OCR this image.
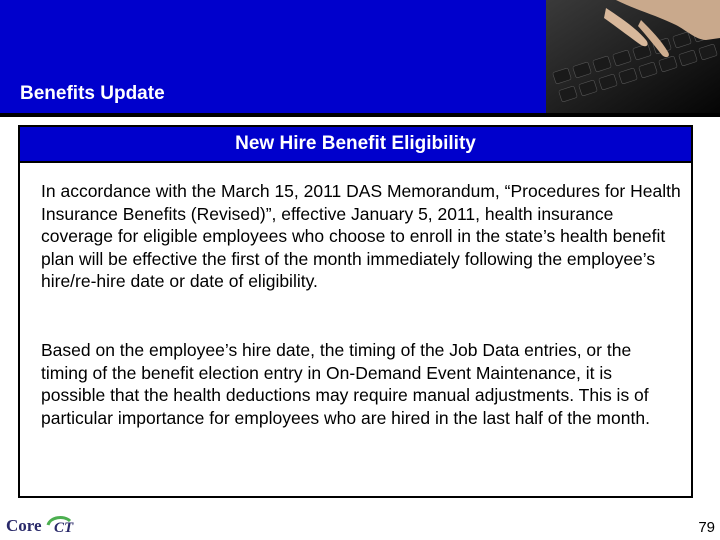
Benefits Update
New Hire Benefit Eligibility
In accordance with the March 15, 2011 DAS Memorandum, “Procedures for Health Insurance Benefits (Revised)”, effective January 5, 2011, health insurance coverage for eligible employees who choose to enroll in the state’s health benefit plan will be effective the first of the month immediately following the employee’s hire/re-hire date or date of eligibility.
Based on the employee’s hire date, the timing of the Job Data entries, or the timing of the benefit election entry in On-Demand Event Maintenance, it is possible that the health deductions may require manual adjustments. This is of particular importance for employees who are hired in the last half of the month.
Core CT	79
